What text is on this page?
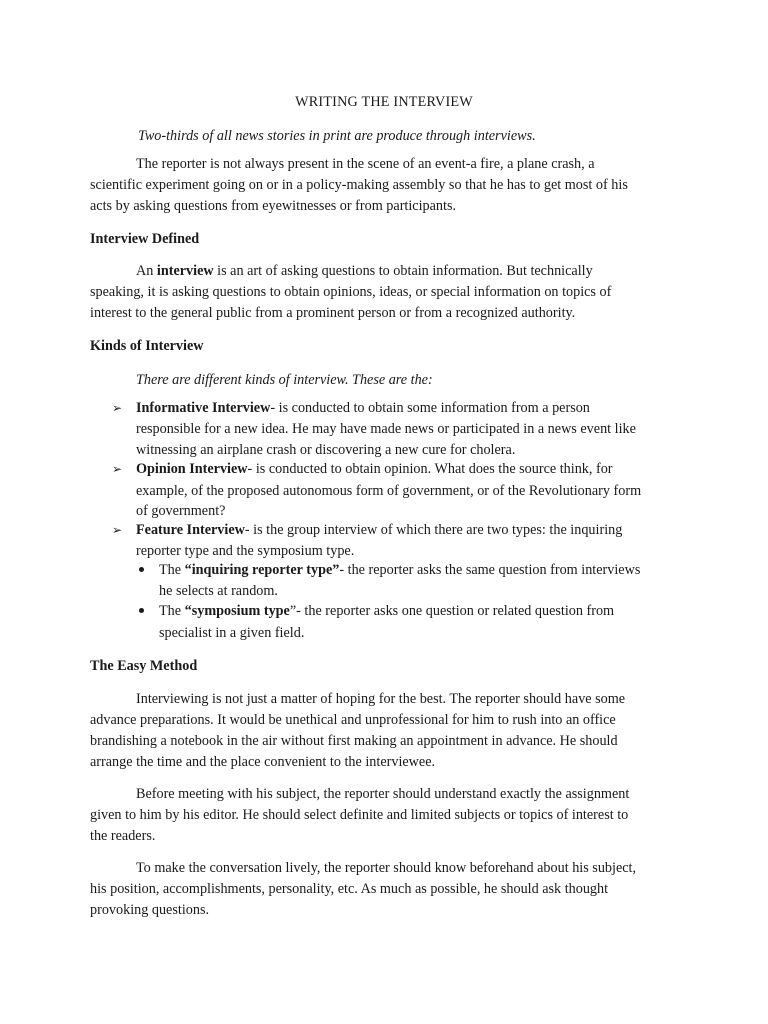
WRITING THE INTERVIEW
Two-thirds of all news stories in print are produce through interviews.
The reporter is not always present in the scene of an event-a fire, a plane crash, a
scientific experiment going on or in a policy-making assembly so that he has to get most of his
acts by asking questions from eyewitnesses or from participants.
Interview Defined
An interview is an art of asking questions to obtain information. But technically
speaking, it is asking questions to obtain opinions, ideas, or special information on topics of
interest to the general public from a prominent person or from a recognized authority.
Kinds of Interview
There are different kinds of interview. These are the:
➢ Informative Interview- is conducted to obtain some information from a person
responsible for a new idea. He may have made news or participated in a news event like
witnessing an airplane crash or discovering a new cure for cholera.
➢ Opinion Interview- is conducted to obtain opinion. What does the source think, for
example, of the proposed autonomous form of government, or of the Revolutionary form
of government?
➢ Feature Interview- is the group interview of which there are two types: the inquiring
reporter type and the symposium type.
The “inquiring reporter type”- the reporter asks the same question from interviews
he selects at random.
The “symposium type”- the reporter asks one question or related question from
specialist in a given field.
The Easy Method
Interviewing is not just a matter of hoping for the best. The reporter should have some
advance preparations. It would be unethical and unprofessional for him to rush into an office
brandishing a notebook in the air without first making an appointment in advance. He should
arrange the time and the place convenient to the interviewee.
Before meeting with his subject, the reporter should understand exactly the assignment
given to him by his editor. He should select definite and limited subjects or topics of interest to
the readers.
To make the conversation lively, the reporter should know beforehand about his subject,
his position, accomplishments, personality, etc. As much as possible, he should ask thought
provoking questions.
